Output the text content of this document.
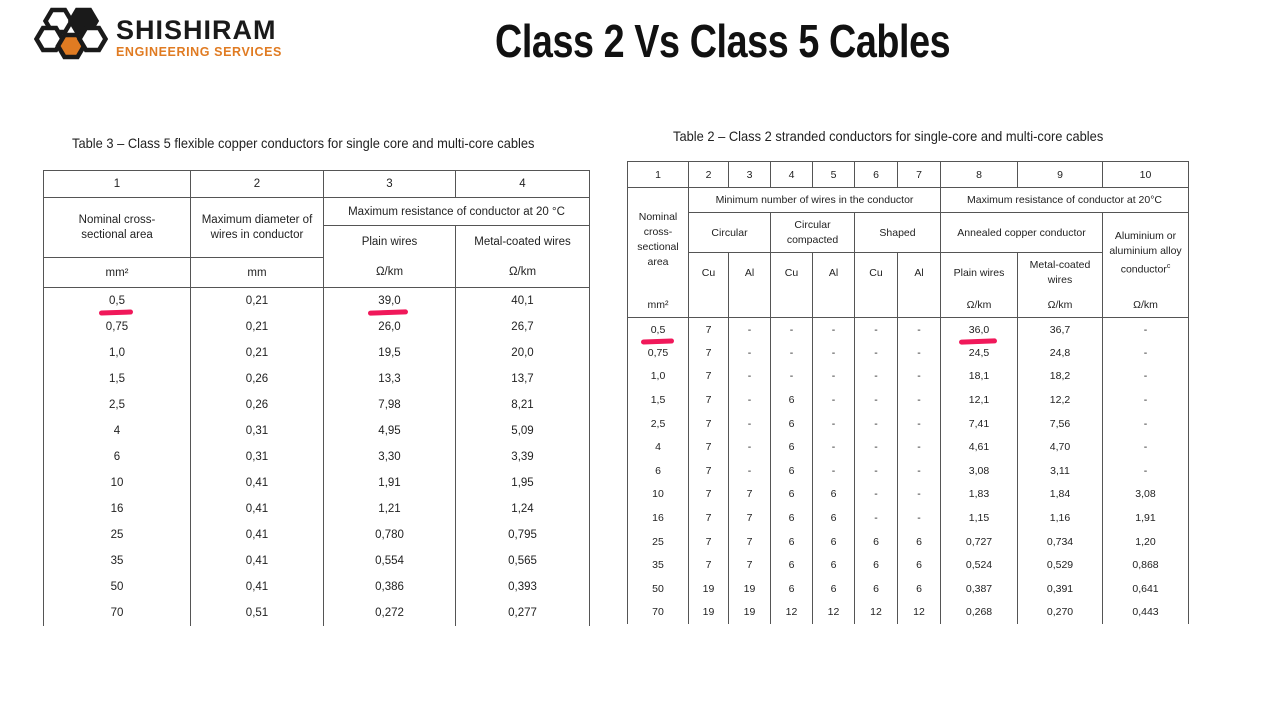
SHISHIRAM
ENGINEERING SERVICES	Class 2 Vs Class 5 Cables
Table 3 – Class 5 flexible copper conductors for single core and multi-core cables
1	2	3	4
Nominal cross-sectional area	Maximum diameter of wires in conductor	Maximum resistance of conductor at 20 °C	
		Plain wires	Metal-coated wires
mm²	mm	Ω/km	Ω/km
0,5	0,21	39,0	40,1
0,75	0,21	26,0	26,7
1,0	0,21	19,5	20,0
1,5	0,26	13,3	13,7
2,5	0,26	7,98	8,21
4	0,31	4,95	5,09
6	0,31	3,30	3,39
10	0,41	1,91	1,95
16	0,41	1,21	1,24
25	0,41	0,780	0,795
35	0,41	0,554	0,565
50	0,41	0,386	0,393
70	0,51	0,272	0,277
Table 2 – Class 2 stranded conductors for single-core and multi-core cables
1	2	3	4	5	6	7	8	9	10
Nominal cross-sectional area	Minimum number of wires in the conductor						Maximum resistance of conductor at 20°C		
	Circular		Circular compacted		Shaped		Annealed copper conductor		Aluminium or aluminium alloy conductor$^c$
	Cu	Al	Cu	Al	Cu	Al	Plain wires	Metal-coated wires	
mm²							Ω/km	Ω/km	Ω/km
0,5	7	-	-	-	-	-	36,0	36,7	-
0,75	7	-	-	-	-	-	24,5	24,8	-
1,0	7	-	-	-	-	-	18,1	18,2	-
1,5	7	-	6	-	-	-	12,1	12,2	-
2,5	7	-	6	-	-	-	7,41	7,56	-
4	7	-	6	-	-	-	4,61	4,70	-
6	7	-	6	-	-	-	3,08	3,11	-
10	7	7	6	6	-	-	1,83	1,84	3,08
16	7	7	6	6	-	-	1,15	1,16	1,91
25	7	7	6	6	6	6	0,727	0,734	1,20
35	7	7	6	6	6	6	0,524	0,529	0,868
50	19	19	6	6	6	6	0,387	0,391	0,641
70	19	19	12	12	12	12	0,268	0,270	0,443
